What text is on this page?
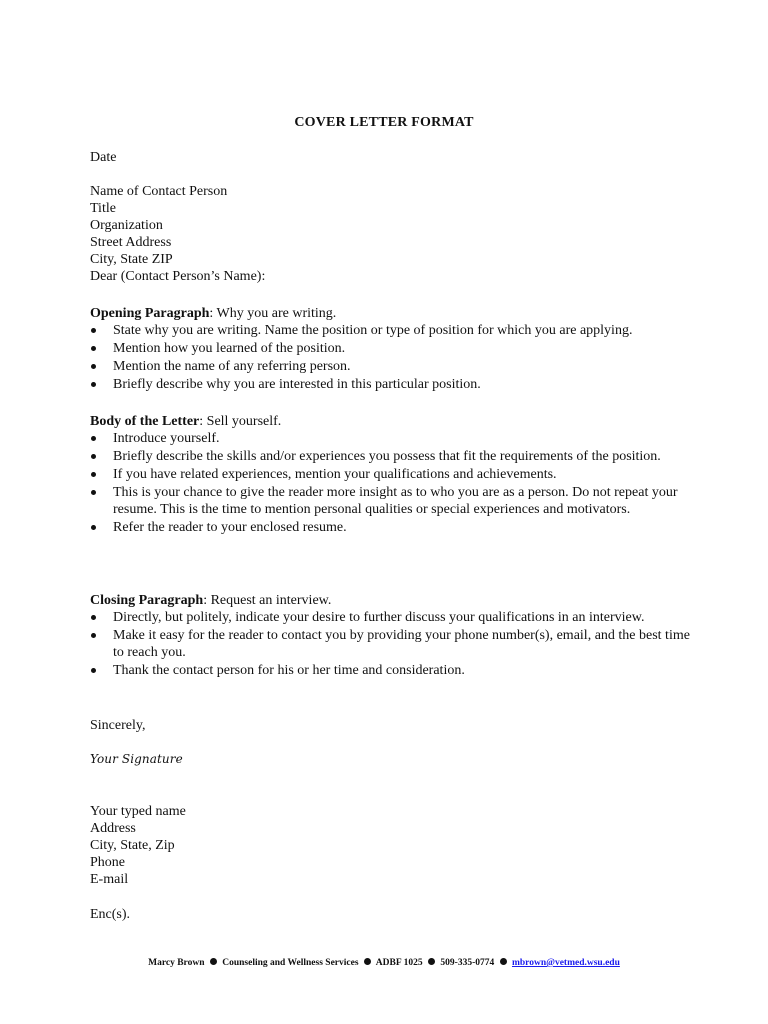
COVER LETTER FORMAT
Date
Name of Contact Person
Title
Organization
Street Address
City, State ZIP
Dear (Contact Person’s Name):
Opening Paragraph: Why you are writing.
State why you are writing. Name the position or type of position for which you are applying.
Mention how you learned of the position.
Mention the name of any referring person.
Briefly describe why you are interested in this particular position.
Body of the Letter: Sell yourself.
Introduce yourself.
Briefly describe the skills and/or experiences you possess that fit the requirements of the position.
If you have related experiences, mention your qualifications and achievements.
This is your chance to give the reader more insight as to who you are as a person. Do not repeat your resume. This is the time to mention personal qualities or special experiences and motivators.
Refer the reader to your enclosed resume.
Closing Paragraph: Request an interview.
Directly, but politely, indicate your desire to further discuss your qualifications in an interview.
Make it easy for the reader to contact you by providing your phone number(s), email, and the best time to reach you.
Thank the contact person for his or her time and consideration.
Sincerely,
Your Signature
Your typed name
Address
City, State, Zip
Phone
E-mail
Enc(s).
Marcy Brown Counseling and Wellness Services ADBF 1025 509-335-0774 mbrown@vetmed.wsu.edu
